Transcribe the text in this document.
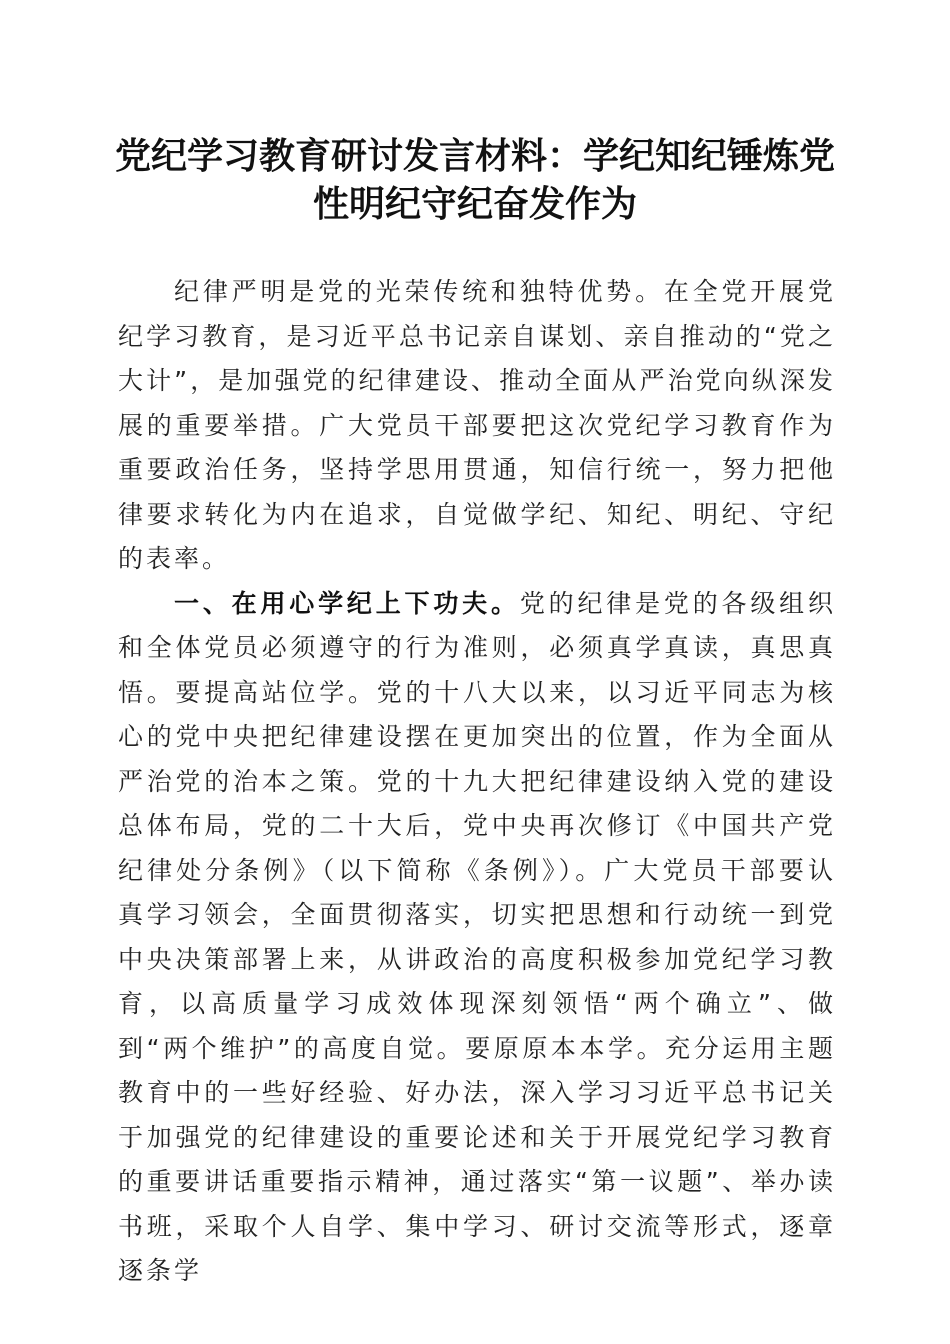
党纪学习教育研讨发言材料：学纪知纪锤炼党性明纪守纪奋发作为

纪律严明是党的光荣传统和独特优势。在全党开展党纪学习教育，是习近平总书记亲自谋划、亲自推动的“党之大计”，是加强党的纪律建设、推动全面从严治党向纵深发展的重要举措。广大党员干部要把这次党纪学习教育作为重要政治任务，坚持学思用贯通，知信行统一，努力把他律要求转化为内在追求，自觉做学纪、知纪、明纪、守纪的表率。

一、在用心学纪上下功夫。党的纪律是党的各级组织和全体党员必须遵守的行为准则，必须真学真读，真思真悟。要提高站位学。党的十八大以来，以习近平同志为核心的党中央把纪律建设摆在更加突出的位置，作为全面从严治党的治本之策。党的十九大把纪律建设纳入党的建设总体布局，党的二十大后，党中央再次修订《中国共产党纪律处分条例》（以下简称《条例》）。广大党员干部要认真学习领会，全面贯彻落实，切实把思想和行动统一到党中央决策部署上来，从讲政治的高度积极参加党纪学习教育，以高质量学习成效体现深刻领悟“两个确立”、做到“两个维护”的高度自觉。要原原本本学。充分运用主题教育中的一些好经验、好办法，深入学习习近平总书记关于加强党的纪律建设的重要论述和关于开展党纪学习教育的重要讲话重要指示精神，通过落实“第一议题”、举办读书班，采取个人自学、集中学习、研讨交流等形式，逐章逐条学
